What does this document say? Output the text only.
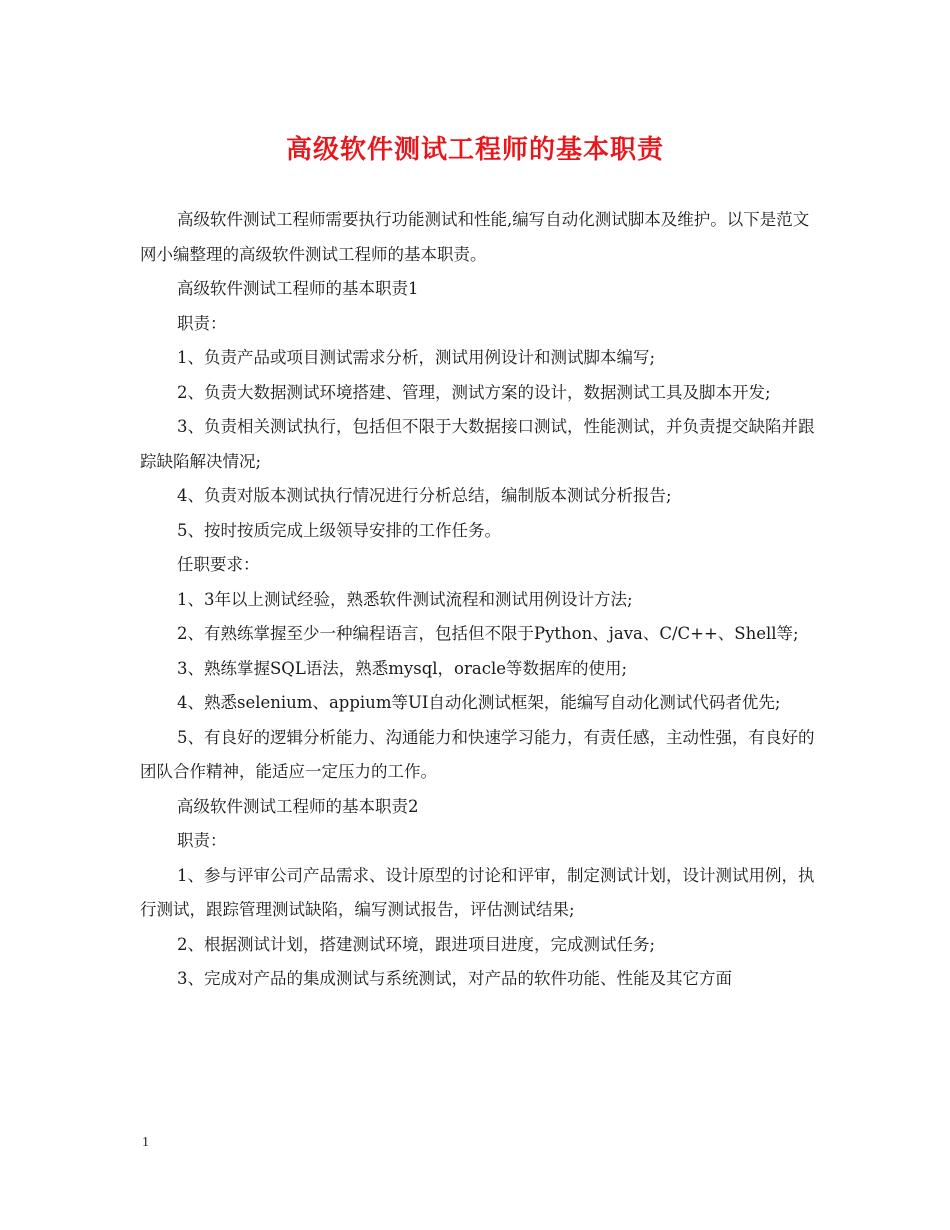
高级软件测试工程师的基本职责

高级软件测试工程师需要执行功能测试和性能,编写自动化测试脚本及维护。以下是范文网小编整理的高级软件测试工程师的基本职责。

高级软件测试工程师的基本职责1

职责：

1、负责产品或项目测试需求分析，测试用例设计和测试脚本编写;

2、负责大数据测试环境搭建、管理，测试方案的设计，数据测试工具及脚本开发;

3、负责相关测试执行，包括但不限于大数据接口测试，性能测试，并负责提交缺陷并跟踪缺陷解决情况;

4、负责对版本测试执行情况进行分析总结，编制版本测试分析报告;

5、按时按质完成上级领导安排的工作任务。

任职要求：

1、3年以上测试经验，熟悉软件测试流程和测试用例设计方法;

2、有熟练掌握至少一种编程语言，包括但不限于Python、java、C/C++、Shell等;

3、熟练掌握SQL语法，熟悉mysql，oracle等数据库的使用;

4、熟悉selenium、appium等UI自动化测试框架，能编写自动化测试代码者优先;

5、有良好的逻辑分析能力、沟通能力和快速学习能力，有责任感，主动性强，有良好的团队合作精神，能适应一定压力的工作。

高级软件测试工程师的基本职责2

职责：

1、参与评审公司产品需求、设计原型的讨论和评审，制定测试计划，设计测试用例，执行测试，跟踪管理测试缺陷，编写测试报告，评估测试结果;

2、根据测试计划，搭建测试环境，跟进项目进度，完成测试任务;

3、完成对产品的集成测试与系统测试，对产品的软件功能、性能及其它方面

1
